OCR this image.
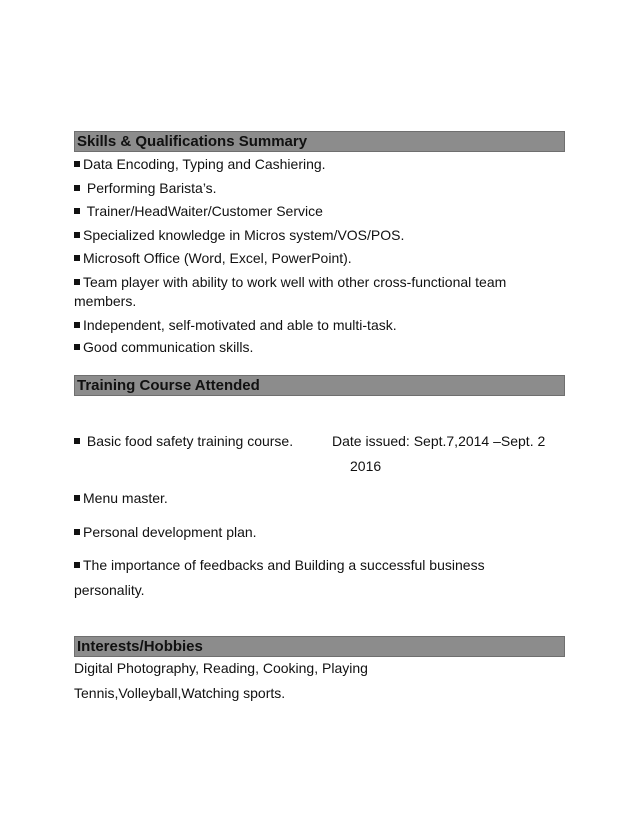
Skills & Qualifications Summary
Data Encoding, Typing and Cashiering.
Performing Barista’s.
Trainer/HeadWaiter/Customer Service
Specialized knowledge in Micros system/VOS/POS.
Microsoft Office (Word, Excel, PowerPoint).
Team player with ability to work well with other cross-functional team
members.
Independent, self-motivated and able to multi-task.
Good communication skills.
Training Course Attended
Basic food safety training course.	Date issued: Sept.7,2014 –Sept. 2
2016
Menu master.
Personal development plan.
The importance of feedbacks and Building a successful business
personality.
Interests/Hobbies
Digital Photography, Reading, Cooking, Playing
Tennis,Volleyball,Watching sports.
